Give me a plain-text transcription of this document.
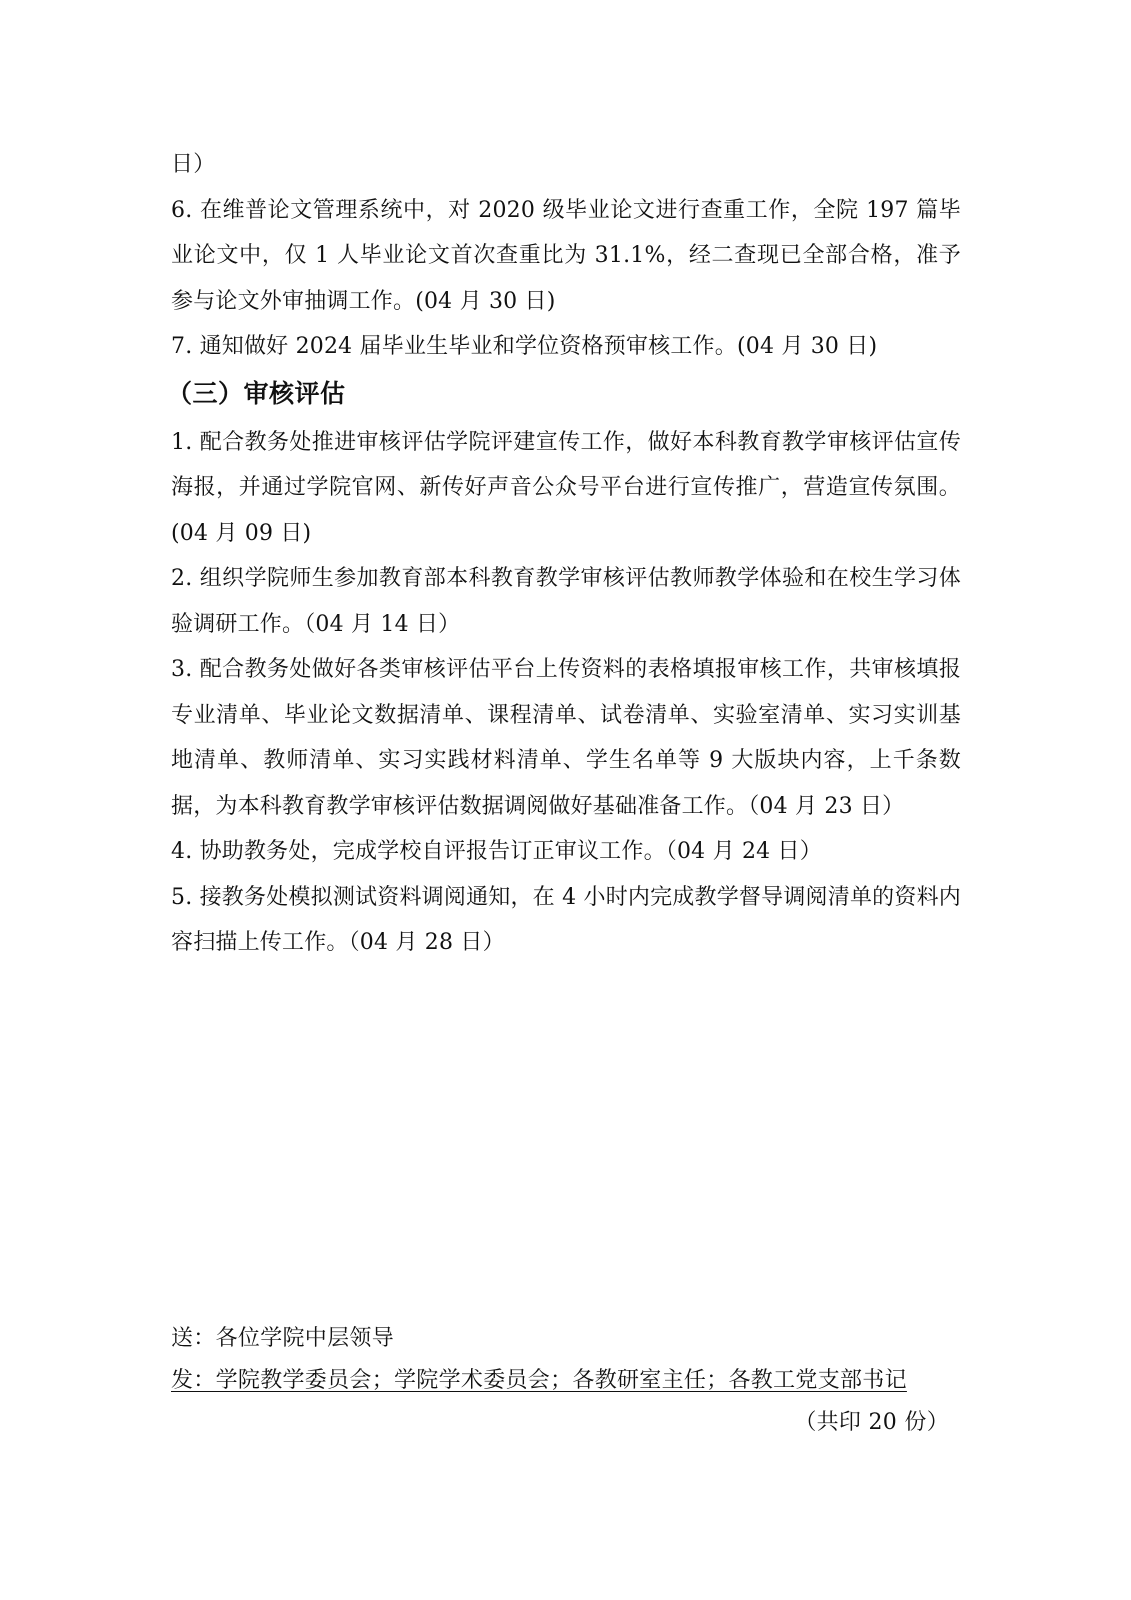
日）

6. 在维普论文管理系统中，对 2020 级毕业论文进行查重工作，全院 197 篇毕业论文中，仅 1 人毕业论文首次查重比为 31.1%，经二查现已全部合格，准予参与论文外审抽调工作。(04 月 30 日)

7. 通知做好 2024 届毕业生毕业和学位资格预审核工作。(04 月 30 日)

（三）审核评估

1. 配合教务处推进审核评估学院评建宣传工作，做好本科教育教学审核评估宣传海报，并通过学院官网、新传好声音公众号平台进行宣传推广，营造宣传氛围。(04 月 09 日)

2. 组织学院师生参加教育部本科教育教学审核评估教师教学体验和在校生学习体验调研工作。（04 月 14 日）

3. 配合教务处做好各类审核评估平台上传资料的表格填报审核工作，共审核填报专业清单、毕业论文数据清单、课程清单、试卷清单、实验室清单、实习实训基地清单、教师清单、实习实践材料清单、学生名单等 9 大版块内容，上千条数据，为本科教育教学审核评估数据调阅做好基础准备工作。（04 月 23 日）

4. 协助教务处，完成学校自评报告订正审议工作。（04 月 24 日）

5. 接教务处模拟测试资料调阅通知，在 4 小时内完成教学督导调阅清单的资料内容扫描上传工作。（04 月 28 日）

送：各位学院中层领导

发：学院教学委员会；学院学术委员会；各教研室主任；各教工党支部书记

（共印 20 份）
